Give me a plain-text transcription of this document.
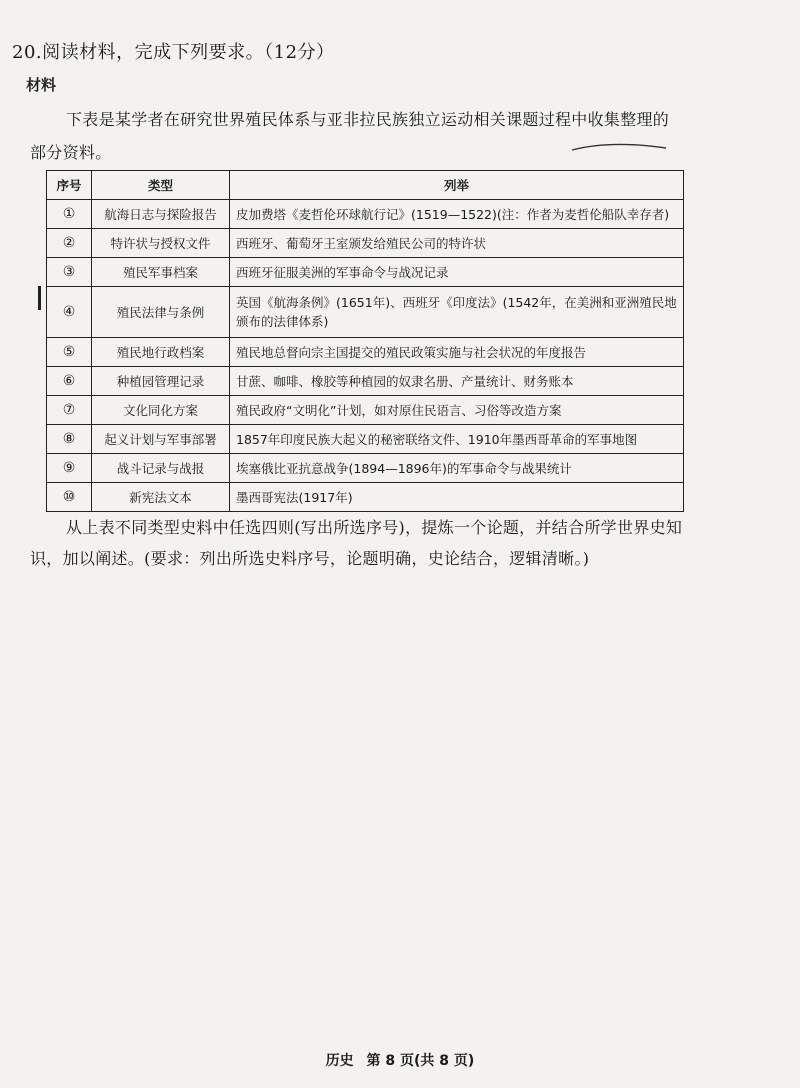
20.阅读材料，完成下列要求。（12分）
材料
下表是某学者在研究世界殖民体系与亚非拉民族独立运动相关课题过程中收集整理的部分资料。
序号	类型	列举
①	航海日志与探险报告	皮加费塔《麦哲伦环球航行记》(1519—1522)(注：作者为麦哲伦船队幸存者)
②	特许状与授权文件	西班牙、葡萄牙王室颁发给殖民公司的特许状
③	殖民军事档案	西班牙征服美洲的军事命令与战况记录
④	殖民法律与条例	英国《航海条例》(1651年)、西班牙《印度法》(1542年，在美洲和亚洲殖民地颁布的法律体系)
⑤	殖民地行政档案	殖民地总督向宗主国提交的殖民政策实施与社会状况的年度报告
⑥	种植园管理记录	甘蔗、咖啡、橡胶等种植园的奴隶名册、产量统计、财务账本
⑦	文化同化方案	殖民政府“文明化”计划，如对原住民语言、习俗等改造方案
⑧	起义计划与军事部署	1857年印度民族大起义的秘密联络文件、1910年墨西哥革命的军事地图
⑨	战斗记录与战报	埃塞俄比亚抗意战争(1894—1896年)的军事命令与战果统计
⑩	新宪法文本	墨西哥宪法(1917年)
从上表不同类型史料中任选四则(写出所选序号)，提炼一个论题，并结合所学世界史知识，加以阐述。(要求：列出所选史料序号，论题明确，史论结合，逻辑清晰。)
历史 第 8 页(共 8 页)
